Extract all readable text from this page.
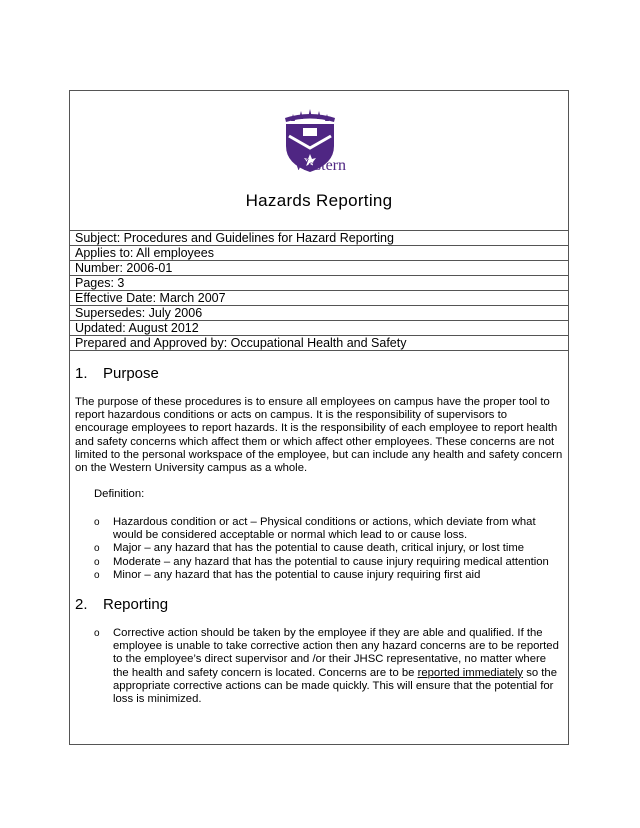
Western
Hazards Reporting
Subject: Procedures and Guidelines for Hazard Reporting
Applies to: All employees
Number: 2006-01
Pages: 3
Effective Date: March 2007
Supersedes: July 2006
Updated: August 2012
Prepared and Approved by: Occupational Health and Safety
1. Purpose

The purpose of these procedures is to ensure all employees on campus have the proper tool to report hazardous conditions or acts on campus. It is the responsibility of supervisors to encourage employees to report hazards. It is the responsibility of each employee to report health and safety concerns which affect them or which affect other employees. These concerns are not limited to the personal workspace of the employee, but can include any health and safety concern on the Western University campus as a whole.

Definition:
o Hazardous condition or act – Physical conditions or actions, which deviate from what would be considered acceptable or normal which lead to or cause loss.
o Major – any hazard that has the potential to cause death, critical injury, or lost time
o Moderate – any hazard that has the potential to cause injury requiring medical attention
o Minor – any hazard that has the potential to cause injury requiring first aid
2. Reporting
o Corrective action should be taken by the employee if they are able and qualified. If the employee is unable to take corrective action then any hazard concerns are to be reported to the employee’s direct supervisor and /or their JHSC representative, no matter where the health and safety concern is located. Concerns are to be reported immediately so the appropriate corrective actions can be made quickly. This will ensure that the potential for loss is minimized.
